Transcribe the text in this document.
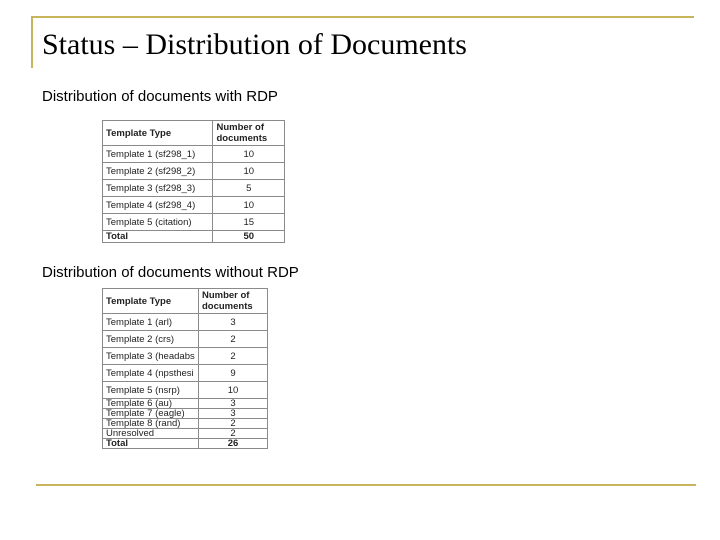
Status – Distribution of Documents
Distribution of documents with RDP
Template Type	Number of documents
Template 1 (sf298_1)	10
Template 2 (sf298_2)	10
Template 3 (sf298_3)	5
Template 4 (sf298_4)	10
Template 5 (citation)	15
Total	50
Distribution of documents without RDP
Template Type	Number of documents
Template 1 (arl)	3
Template 2 (crs)	2
Template 3 (headabs	2
Template 4 (npsthesi	9
Template 5 (nsrp)	10
Template 6 (au)	3
Template 7 (eagle)	3
Template 8 (rand)	2
Unresolved	2
Total	26
